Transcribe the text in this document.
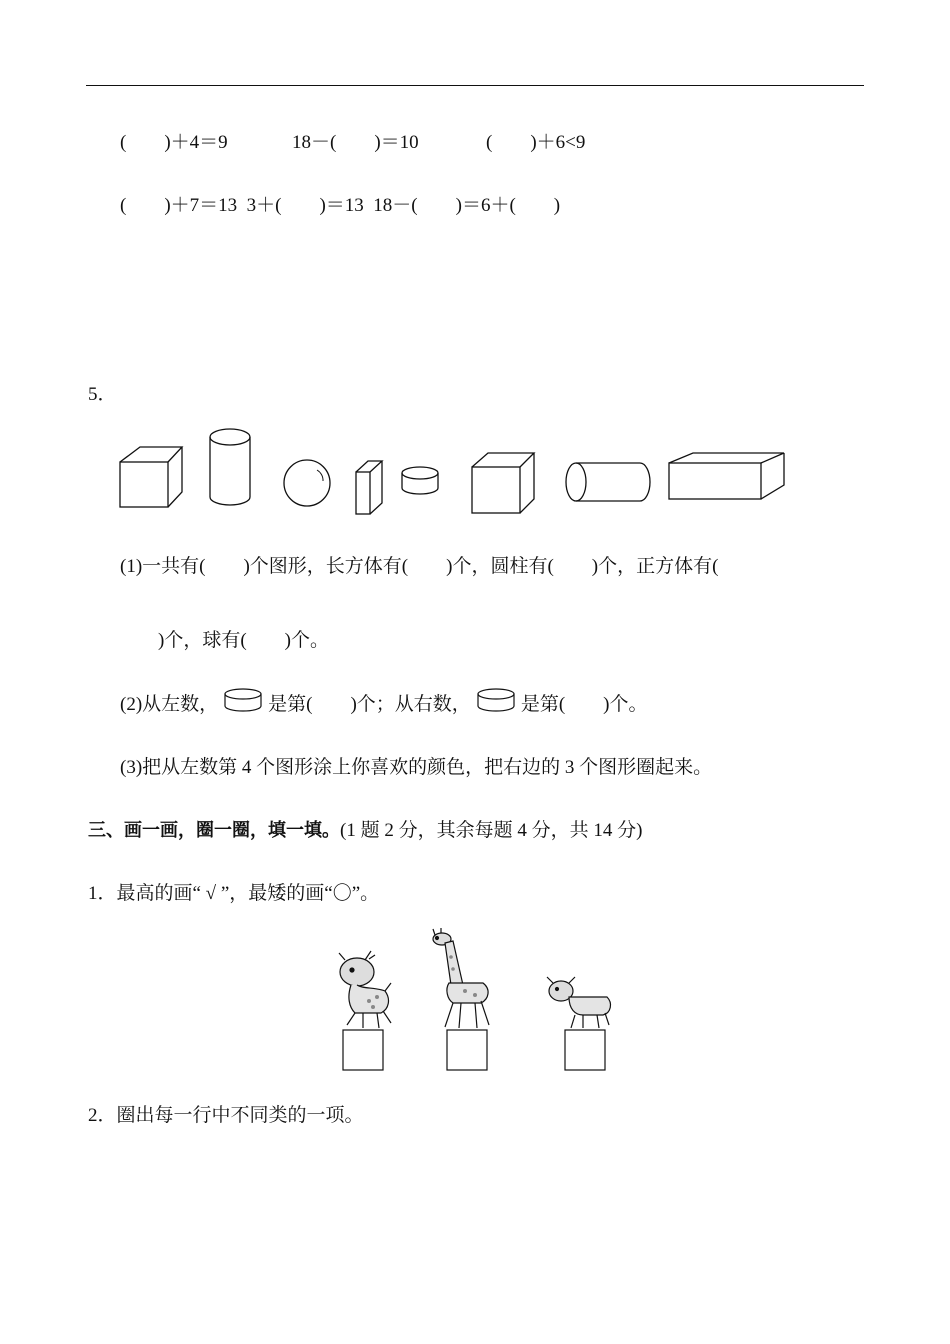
(　　)＋4＝9	18－(　　)＝10	(　　)＋6<9
(　　)＋7＝13  3＋(　　)＝13  18－(　　)＝6＋(　　)
5．
(1)一共有(　　)个图形，长方体有(　　)个，圆柱有(　　)个，正方体有(
　　)个，球有(　　)个。
(2)从左数，	是第(　　)个；从右数，	是第(　　)个。
(3)把从左数第 4 个图形涂上你喜欢的颜色，把右边的 3 个图形圈起来。
三、画一画，圈一圈，填一填。(1 题 2 分，其余每题 4 分，共 14 分)
1．最高的画“ √ ”，最矮的画“〇”。
2．圈出每一行中不同类的一项。
